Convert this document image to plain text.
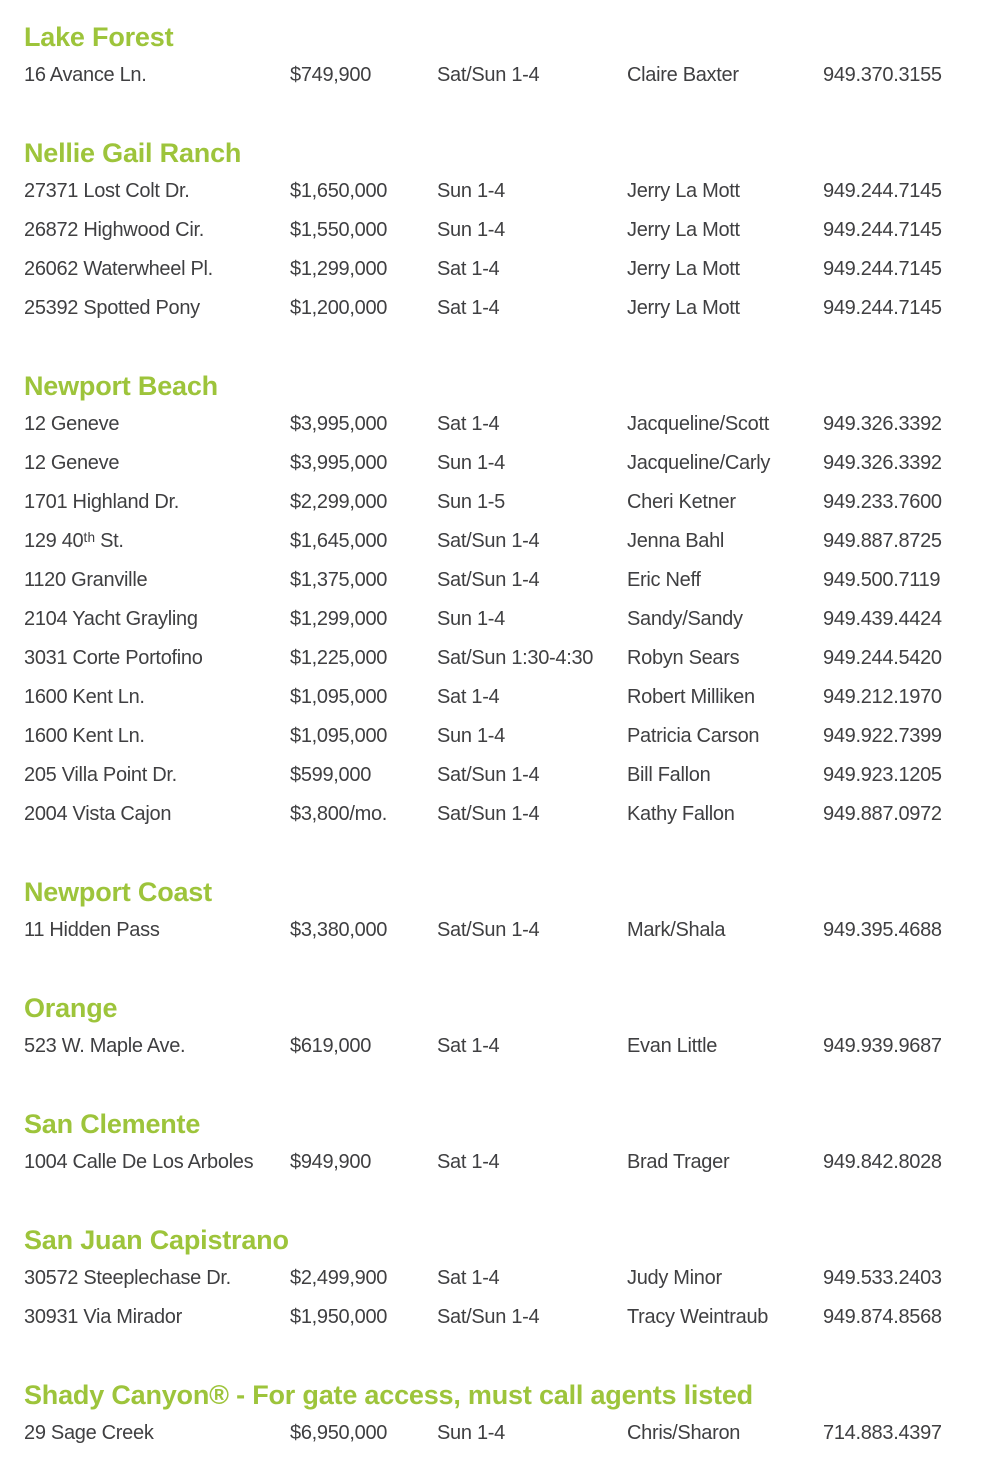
Lake Forest
16 Avance Ln.	$749,900	Sat/Sun 1-4	Claire Baxter	949.370.3155
Nellie Gail Ranch
27371 Lost Colt Dr.	$1,650,000	Sun 1-4	Jerry La Mott	949.244.7145
26872 Highwood Cir.	$1,550,000	Sun 1-4	Jerry La Mott	949.244.7145
26062 Waterwheel Pl.	$1,299,000	Sat 1-4	Jerry La Mott	949.244.7145
25392 Spotted Pony	$1,200,000	Sat 1-4	Jerry La Mott	949.244.7145
Newport Beach
12 Geneve	$3,995,000	Sat 1-4	Jacqueline/Scott	949.326.3392
12 Geneve	$3,995,000	Sun 1-4	Jacqueline/Carly	949.326.3392
1701 Highland Dr.	$2,299,000	Sun 1-5	Cheri Ketner	949.233.7600
129 40ᵗʰ St.	$1,645,000	Sat/Sun 1-4	Jenna Bahl	949.887.8725
1120 Granville	$1,375,000	Sat/Sun 1-4	Eric Neff	949.500.7119
2104 Yacht Grayling	$1,299,000	Sun 1-4	Sandy/Sandy	949.439.4424
3031 Corte Portofino	$1,225,000	Sat/Sun 1:30-4:30	Robyn Sears	949.244.5420
1600 Kent Ln.	$1,095,000	Sat 1-4	Robert Milliken	949.212.1970
1600 Kent Ln.	$1,095,000	Sun 1-4	Patricia Carson	949.922.7399
205 Villa Point Dr.	$599,000	Sat/Sun 1-4	Bill Fallon	949.923.1205
2004 Vista Cajon	$3,800/mo.	Sat/Sun 1-4	Kathy Fallon	949.887.0972
Newport Coast
11 Hidden Pass	$3,380,000	Sat/Sun 1-4	Mark/Shala	949.395.4688
Orange
523 W. Maple Ave.	$619,000	Sat 1-4	Evan Little	949.939.9687
San Clemente
1004 Calle De Los Arboles	$949,900	Sat 1-4	Brad Trager	949.842.8028
San Juan Capistrano
30572 Steeplechase Dr.	$2,499,900	Sat 1-4	Judy Minor	949.533.2403
30931 Via Mirador	$1,950,000	Sat/Sun 1-4	Tracy Weintraub	949.874.8568
Shady Canyon® - For gate access, must call agents listed
29 Sage Creek	$6,950,000	Sun 1-4	Chris/Sharon	714.883.4397
